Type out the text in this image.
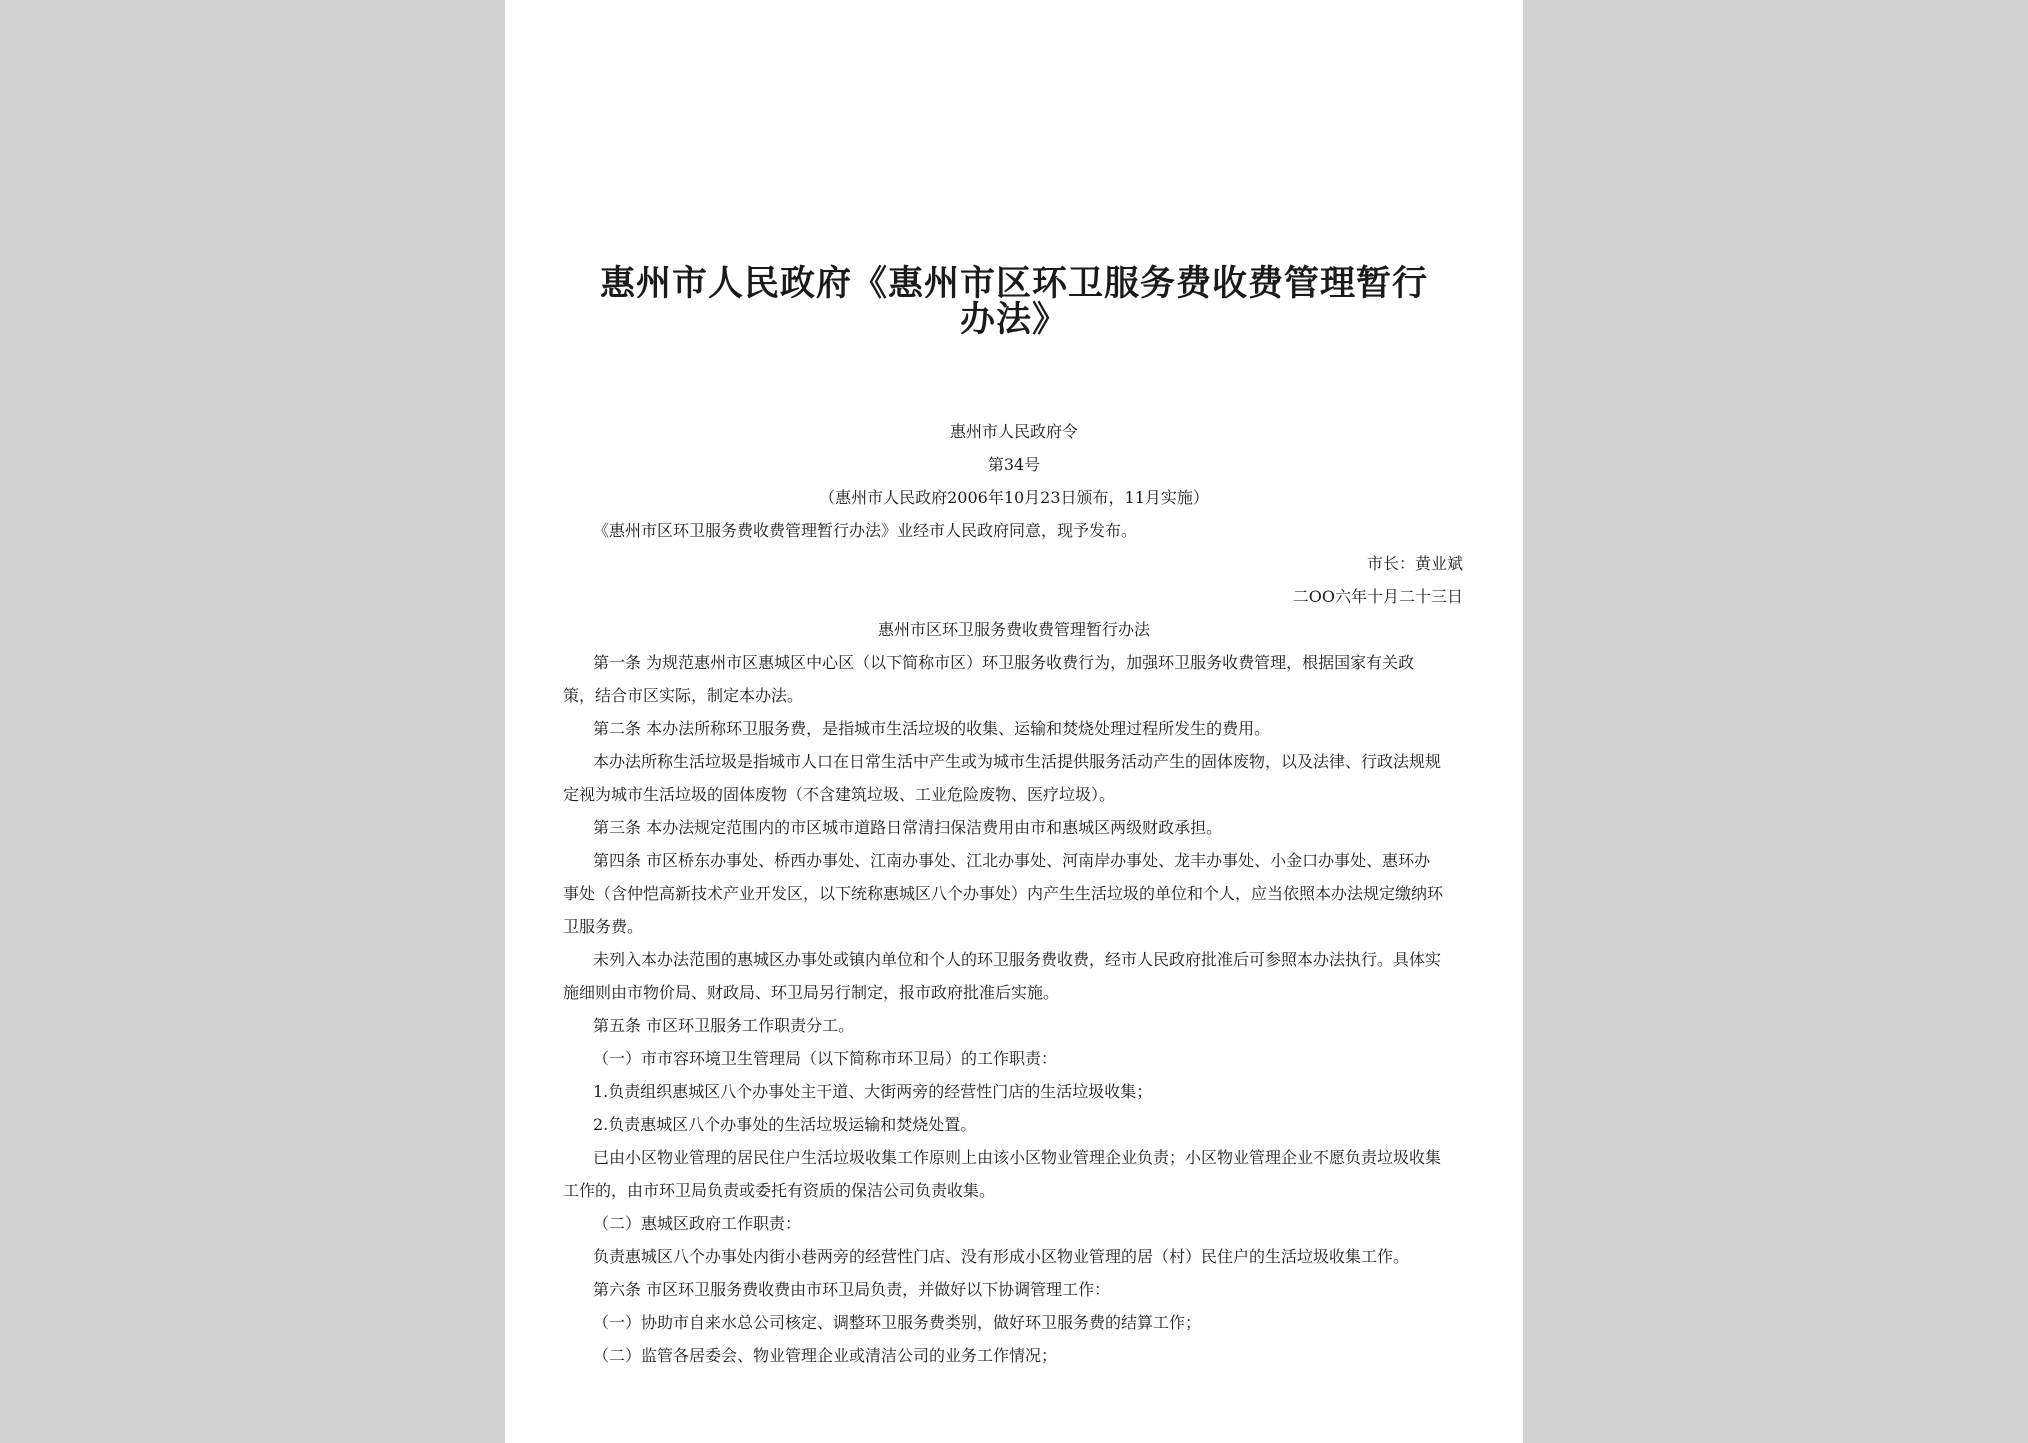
惠州市人民政府《惠州市区环卫服务费收费管理暂行
办法》

惠州市人民政府令

第34号

（惠州市人民政府2006年10月23日颁布，11月实施）

《惠州市区环卫服务费收费管理暂行办法》业经市人民政府同意，现予发布。

市长：黄业斌

二OO六年十月二十三日

惠州市区环卫服务费收费管理暂行办法

第一条 为规范惠州市区惠城区中心区（以下简称市区）环卫服务收费行为，加强环卫服务收费管理，根据国家有关政

策，结合市区实际，制定本办法。

第二条 本办法所称环卫服务费，是指城市生活垃圾的收集、运输和焚烧处理过程所发生的费用。

本办法所称生活垃圾是指城市人口在日常生活中产生或为城市生活提供服务活动产生的固体废物，以及法律、行政法规规

定视为城市生活垃圾的固体废物（不含建筑垃圾、工业危险废物、医疗垃圾）。

第三条 本办法规定范围内的市区城市道路日常清扫保洁费用由市和惠城区两级财政承担。

第四条 市区桥东办事处、桥西办事处、江南办事处、江北办事处、河南岸办事处、龙丰办事处、小金口办事处、惠环办

事处（含仲恺高新技术产业开发区，以下统称惠城区八个办事处）内产生生活垃圾的单位和个人，应当依照本办法规定缴纳环

卫服务费。

未列入本办法范围的惠城区办事处或镇内单位和个人的环卫服务费收费，经市人民政府批准后可参照本办法执行。具体实

施细则由市物价局、财政局、环卫局另行制定，报市政府批准后实施。

第五条 市区环卫服务工作职责分工。

（一）市市容环境卫生管理局（以下简称市环卫局）的工作职责：

1.负责组织惠城区八个办事处主干道、大街两旁的经营性门店的生活垃圾收集；

2.负责惠城区八个办事处的生活垃圾运输和焚烧处置。

已由小区物业管理的居民住户生活垃圾收集工作原则上由该小区物业管理企业负责；小区物业管理企业不愿负责垃圾收集

工作的，由市环卫局负责或委托有资质的保洁公司负责收集。

（二）惠城区政府工作职责：

负责惠城区八个办事处内街小巷两旁的经营性门店、没有形成小区物业管理的居（村）民住户的生活垃圾收集工作。

第六条 市区环卫服务费收费由市环卫局负责，并做好以下协调管理工作：

（一）协助市自来水总公司核定、调整环卫服务费类别，做好环卫服务费的结算工作；

（二）监管各居委会、物业管理企业或清洁公司的业务工作情况；
